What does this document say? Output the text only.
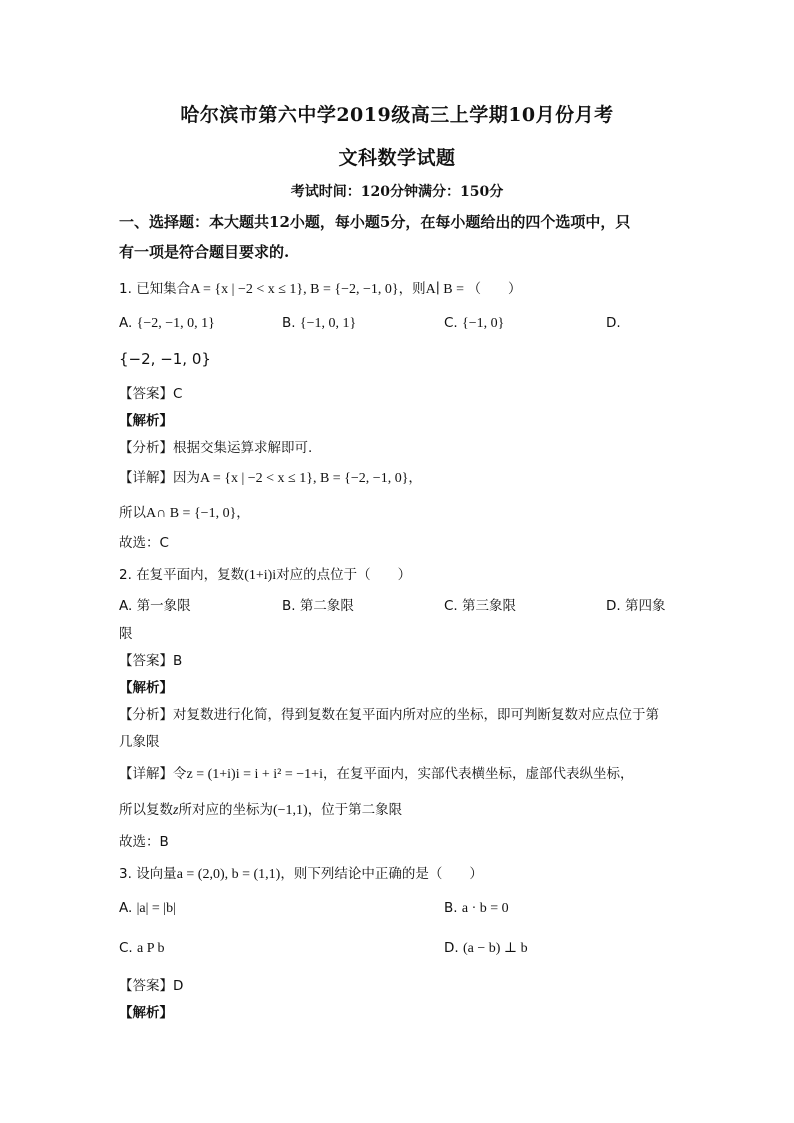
哈尔滨市第六中学2019级高三上学期10月份月考
文科数学试题
考试时间：120分钟满分：150分
一、选择题：本大题共12小题，每小题5分，在每小题给出的四个选项中，只
有一项是符合题目要求的.
1. 已知集合A = {x | −2 < x ≤ 1}, B = {−2, −1, 0}，则A∣ B = （　　）
A. {−2, −1, 0, 1}	B. {−1, 0, 1}	C. {−1, 0}	D.
{−2, −1, 0}
【答案】C
【解析】
【分析】根据交集运算求解即可.
【详解】因为A = {x | −2 < x ≤ 1}, B = {−2, −1, 0}，
所以A∩ B = {−1, 0}，
故选：C
2. 在复平面内，复数(1+i)i对应的点位于（　　）
A. 第一象限	B. 第二象限	C. 第三象限	D. 第四象
限
【答案】B
【解析】
【分析】对复数进行化简，得到复数在复平面内所对应的坐标，即可判断复数对应点位于第
几象限
【详解】令z = (1+i)i = i + i² = −1+i，在复平面内，实部代表横坐标，虚部代表纵坐标，
所以复数z所对应的坐标为(−1,1)，位于第二象限
故选：B
3. 设向量a = (2,0), b = (1,1)，则下列结论中正确的是（　　）
A. |a| = |b|	B. a · b = 0
C. a P b	D. (a − b) ⊥ b
【答案】D
【解析】
